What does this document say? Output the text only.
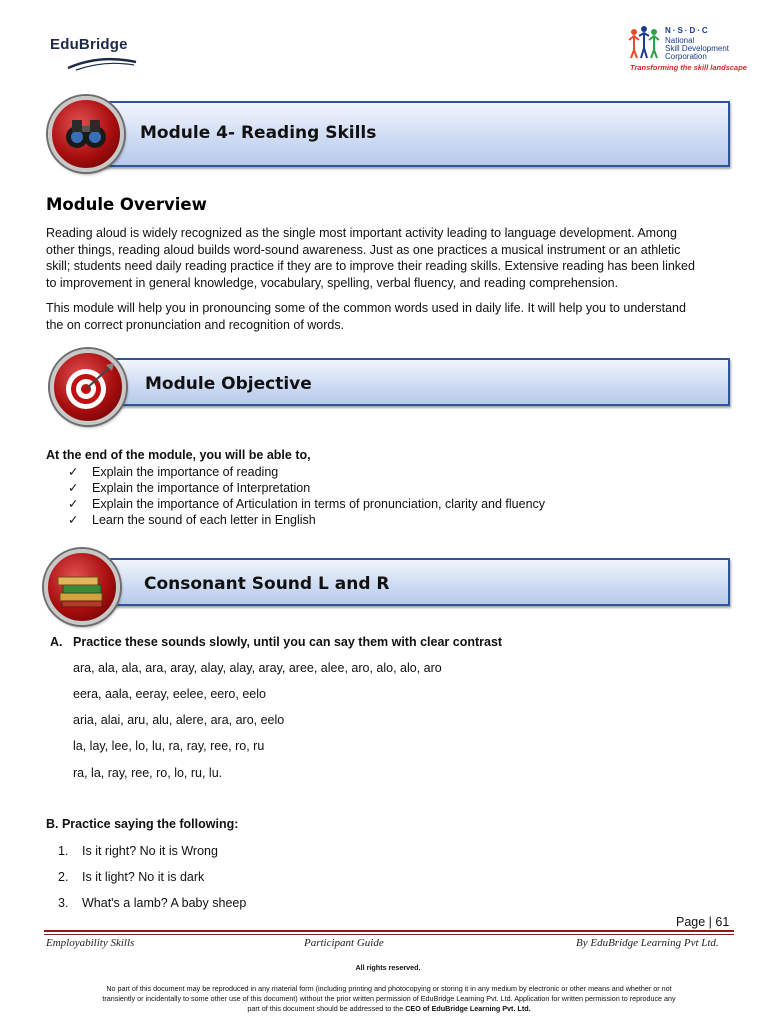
EduBridge
N·S·D·C
National
Skill Development
Corporation
Transforming the skill landscape
Module 4- Reading Skills
Module Overview
Reading aloud is widely recognized as the single most important activity leading to language development. Among
other things, reading aloud builds word-sound awareness. Just as one practices a musical instrument or an athletic
skill; students need daily reading practice if they are to improve their reading skills. Extensive reading has been linked
to improvement in general knowledge, vocabulary, spelling, verbal fluency, and reading comprehension.
This module will help you in pronouncing some of the common words used in daily life. It will help you to understand
the on correct pronunciation and recognition of words.
Module Objective
At the end of the module, you will be able to,
✓ Explain the importance of reading
✓ Explain the importance of Interpretation
✓ Explain the importance of Articulation in terms of pronunciation, clarity and fluency
✓ Learn the sound of each letter in English
Consonant Sound L and R
A. Practice these sounds slowly, until you can say them with clear contrast
ara, ala, ala, ara, aray, alay, alay, aray, aree, alee, aro, alo, alo, aro
eera, aala, eeray, eelee, eero, eelo
aria, alai, aru, alu, alere, ara, aro, eelo
la, lay, lee, lo, lu, ra, ray, ree, ro, ru
ra, la, ray, ree, ro, lo, ru, lu.
B. Practice saying the following:
1. Is it right? No it is Wrong
2. Is it light? No it is dark
3. What's a lamb? A baby sheep
Page | 61
Employability Skills	Participant Guide	By EduBridge Learning Pvt Ltd.
All rights reserved.
No part of this document may be reproduced in any material form (including printing and photocopying or storing it in any medium by electronic or other means and whether or not
transiently or incidentally to some other use of this document) without the prior written permission of EduBridge Learning Pvt. Ltd. Application for written permission to reproduce any
part of this document should be addressed to the CEO of EduBridge Learning Pvt. Ltd.
